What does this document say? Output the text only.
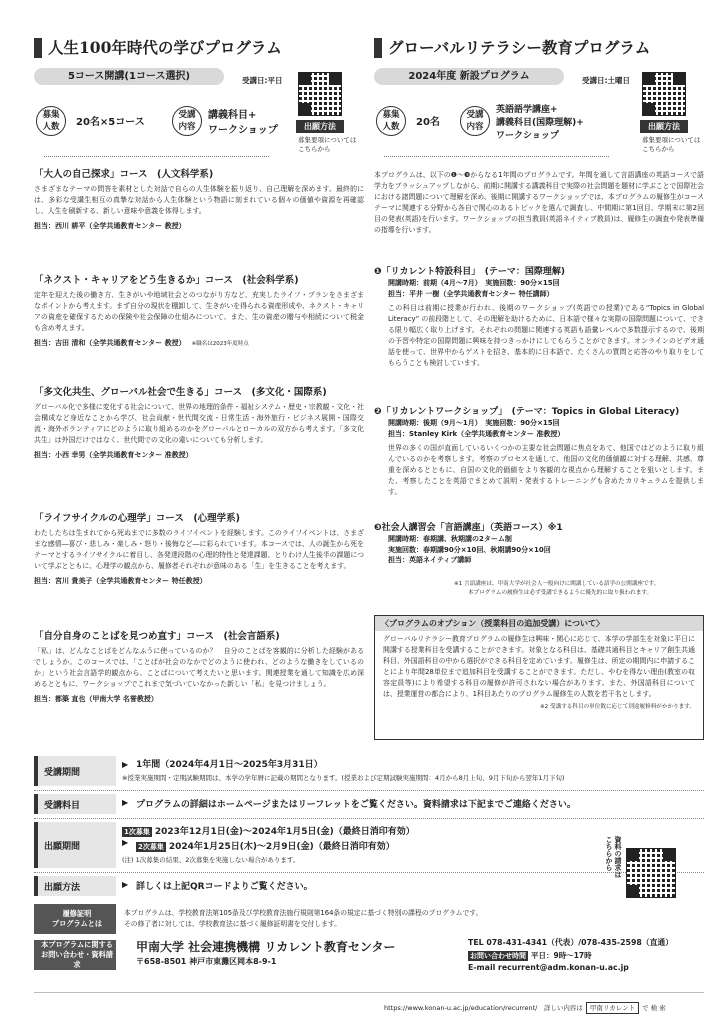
人生100年時代の学びプログラム
5コース開講(1コース選択)	受講日:平日
出願方法
募集要項については
こちらから
募集人数 20名×5コース
受講内容
講義科目+
ワークショップ
「大人の自己探求」コース　(人文科学系)

さまざまなテーマの問答を素材とした対話で自らの人生体験を振り返り、自己理解を深めます。最終的には、多彩な受講生相互の真摯な対話から人生体験という物語に刻まれている個々の価値や資源を再確認し、人生を刷新する、新しい意味や意義を体得します。

担当：西川 耕平（全学共通教育センター 教授）
「ネクスト・キャリアをどう生きるか」コース　(社会科学系)

定年を迎えた後の働き方、生きがいや地域社会とのつながり方など、充実したライフ・プランをさまざまなポイントから考えます。まず自分の現状を棚卸して、生きがいを得られる資産形成や、ネクスト・キャリアの資産を確保するための保険や社会保障の仕組みについて、また、生の資産の贈与や相続について税金も含め考えます。

担当：吉田 清和（全学共通教育センター 教授） ※職名は2023年度時点
「多文化共生、グローバル社会で生きる」コース　(多文化・国際系)

グローバル化で多様に変化する社会について、世界の地理的条件・福祉システム・歴史・宗教観・文化・社会構成など身近なことから学び、社会貢献・世代間交流・日常生活・海外旅行・ビジネス展開・国際交流・海外ボランティアにどのように取り組めるのかをグローバルとローカルの双方から考えます。「多文化共生」は外国だけではなく、世代間での文化の違いについても分析します。

担当：小西 幸男（全学共通教育センター 准教授）
「ライフサイクルの心理学」コース　(心理学系)

わたしたちは生まれてから死ぬまでに多数のライフイベントを経験します。このライフイベントは、さまざまな感情―喜び・悲しみ・楽しみ・怒り・後悔など―に彩られています。本コースでは、人の誕生から死をテーマとするライフサイクルに着目し、各発達段階の心理的特性と発達課題、とりわけ人生後半の課題について学ぶとともに、心理学の観点から、履修者それぞれが意味のある「生」を生きることを考えます。

担当：宮川 貴美子（全学共通教育センター 特任教授）
「自分自身のことばを見つめ直す」コース　(社会言語系)

「私」は、どんなことばをどんなふうに使っているのか？　自分のことばを客観的に分析した経験があるでしょうか。このコースでは、「ことばが社会のなかでどのように使われ、どのような働きをしているのか」という社会言語学的観点から、ことばについて考えたいと思います。関連授業を通して知識を広め深めるとともに、ワークショップでこれまで気づいていなかった新しい「私」を見つけましょう。

担当：都築 直也（甲南大学 名誉教授）
グローバルリテラシー教育プログラム
2024年度 新設プログラム	受講日:土曜日
出願方法
募集要項については
こちらから
募集人数 20名
受講内容
英語語学講座+
講義科目(国際理解)+
ワークショップ
本プログラムは、以下の❶〜❸からなる1年間のプログラムです。年間を通して言語講座の英語コースで語学力をブラッシュアップしながら、前期に開講する講義科目で実際の社会問題を題材に学ぶことで国際社会における諸問題について理解を深め、後期に開講するワークショップでは、本プログラムの履修生がコーステーマに関連する分野から各自で関心のあるトピックを選んで調査し、中間期に第1回目、学期末に第2回目の発表(英語)を行います。ワークショップの担当教員(英語ネイティブ教員)は、履修生の調査や発表準備の指導を行います。
❶「リカレント特設科目」　(テーマ：国際理解)
開講時期：前期（4月〜7月）　実施回数：90分×15回
担当：平井 一樹（全学共通教育センター 特任講師）

この科目は前期に授業が行われ、後期のワークショップ(英語での授業)である“Topics in Global Literacy” の前段階として、その理解を助けるために、日本語で様々な実際の国際問題について、できる限り幅広く取り上げます。それぞれの問題に関連する英語も語彙レベルで多数提示するので、後期の予習や特定の国際問題に興味を持つきっかけにしてもらうことができます。オンラインのビデオ通話を使って、世界中からゲストを招き、基本的に日本語で、たくさんの質問と応答のやり取りをしてもらうことも検討しています。

❷「リカレントワークショップ」　(テーマ：Topics in Global Literacy)
開講時期：後期（9月〜1月）　実施回数：90分×15回
担当：Stanley Kirk（全学共通教育センター 准教授）

世界の多くの国が直面しているいくつかの主要な社会問題に焦点をあて、他国ではどのように取り組んでいるのかを考察します。考察のプロセスを通して、他国の文化的価値観に対する理解、共感、尊重を深めるとともに、自国の文化的価値をより客観的な視点から理解することを狙いとします。また、考察したことを英語でまとめて説明・発表するトレーニングも含めたカリキュラムを提供します。

❸社会人講習会「言語講座」（英語コース）※1
開講時期：春期講、秋期講の2ターム制
実施回数：春期講90分×10回、秋期講90分×10回
担当：英語ネイティブ講師
※1 言語講座は、甲南大学が社会人一般向けに開講している語学の公開講座です。
本プログラムの履修生は必ず受講できるように優先的に取り扱われます。
〈プログラムのオプション（授業科目の追加受講）について〉
グローバルリテラシー教育プログラムの履修生は興味・関心に応じて、本学の学部生を対象に平日に開講する授業科目を受講することができます。対象となる科目は、基礎共通科目とキャリア創生共通科目、外国語科目の中から選択ができる科目を定めています。履修生は、所定の期間内に申請することにより年間28単位まで追加科目を受講することができます。ただし、やむを得ない理由(教室の収容定員等)により希望する科目の履修が許可されない場合があります。また、外国語科目については、授業運営の都合により、1科目あたりのプログラム履修生の人数を若干名とします。
※2 受講する科目の単位数に応じて別途履修料がかかります。
受講期間
▶ 1年間（2024年4月1日〜2025年3月31日）
※授業実施期間・定期試験期間は、本学の学年暦に記載の期間となります。(授業および定期試験実施期間：4月から8月上旬、9月下旬から翌年1月下旬)
受講料目	▶ プログラムの詳細はホームページまたはリーフレットをご覧ください。資料請求は下記までご連絡ください。
出願期間	▶
1次募集 2023年12月1日(金)〜2024年1月5日(金)（最終日消印有効）
2次募集 2024年1月25日(木)〜2月9日(金)（最終日消印有効）
(注) 1次募集の結果、2次募集を実施しない場合があります。
出願方法	▶ 詳しくは上記QRコードよりご覧ください。
資料の請求は
こちらから
履修証明
プログラムとは
本プログラムは、学校教育法第105条及び学校教育法施行規則第164条の規定に基づく特別の課程のプログラムです。
その修了者に対しては、学校教育法に基づく履修証明書を交付します。
本プログラムに関する
お問い合わせ・資料請求
甲南大学 社会連携機構 リカレント教育センター
〒658-8501 神戸市東灘区岡本8-9-1
TEL 078-431-4341（代表）/078-435-2598（直通）
お問い合わせ時間 平日：9時〜17時
E-mail recurrent@adm.konan-u.ac.jp
https://www.konan-u.ac.jp/education/recurrent/　詳しい内容は 甲南リカレント で 検 索
